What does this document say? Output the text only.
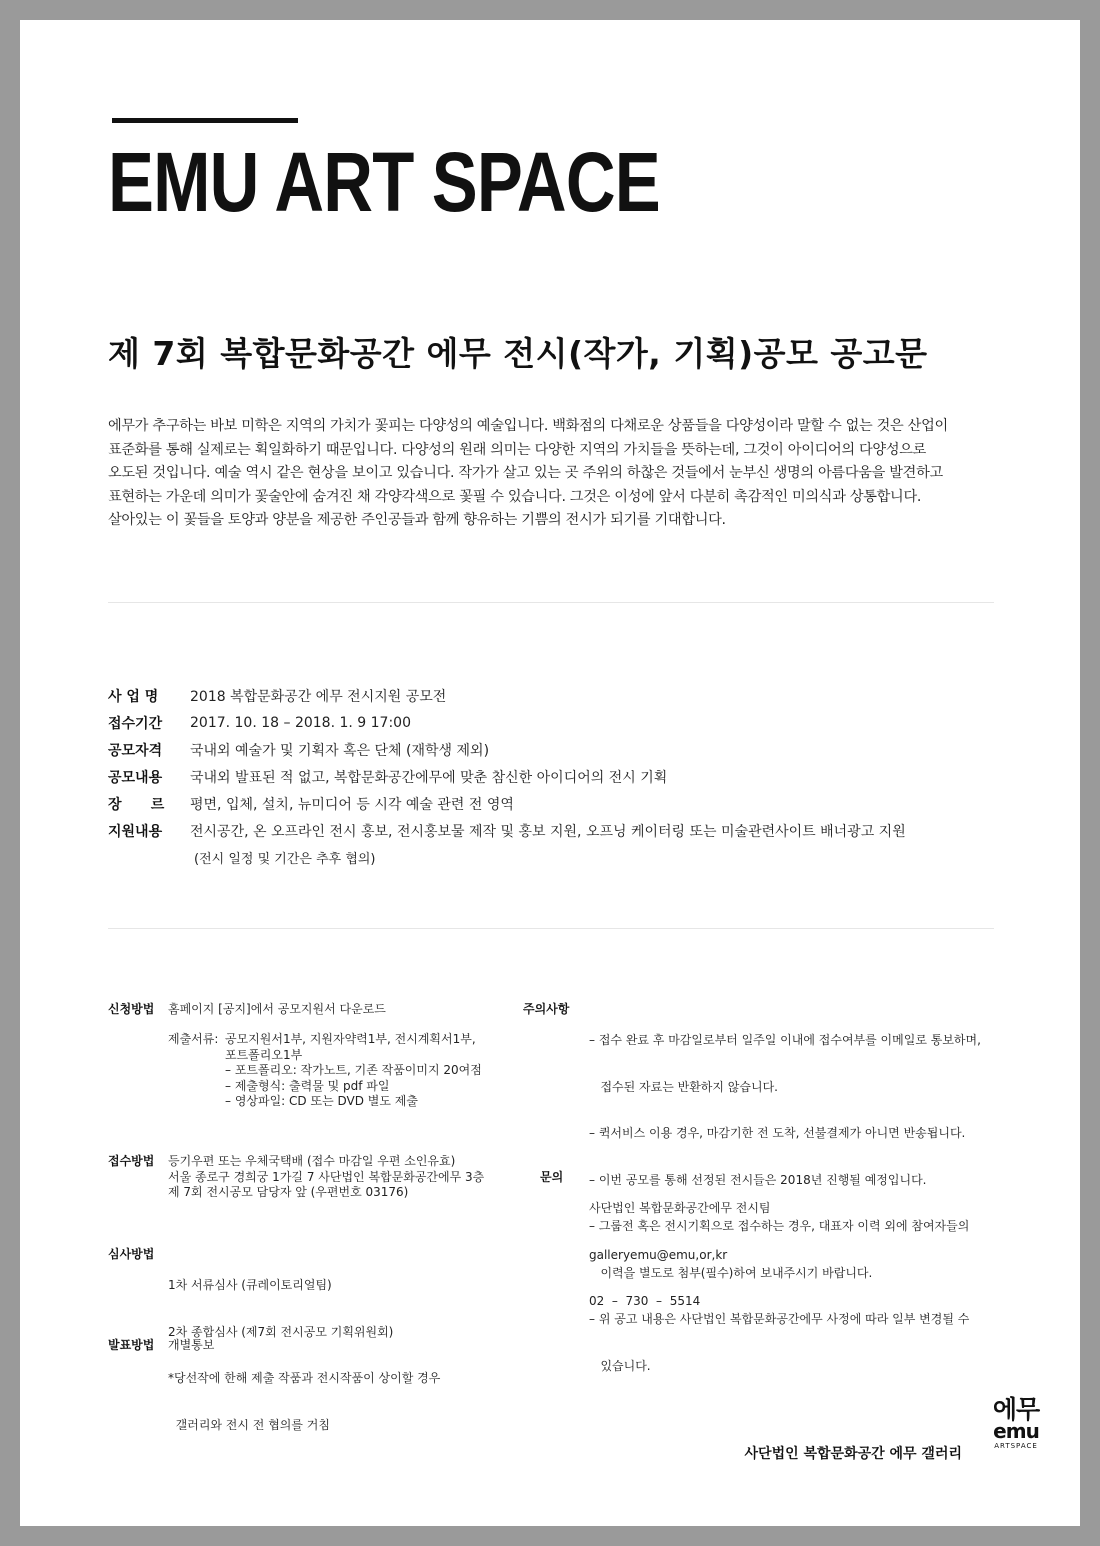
EMU ART SPACE
제 7회 복합문화공간 에무 전시(작가, 기획)공모 공고문

에무가 추구하는 바보 미학은 지역의 가치가 꽃피는 다양성의 예술입니다. 백화점의 다채로운 상품들을 다양성이라 말할 수 없는 것은 산업이

표준화를 통해 실제로는 획일화하기 때문입니다. 다양성의 원래 의미는 다양한 지역의 가치들을 뜻하는데, 그것이 아이디어의 다양성으로

오도된 것입니다. 예술 역시 같은 현상을 보이고 있습니다. 작가가 살고 있는 곳 주위의 하찮은 것들에서 눈부신 생명의 아름다움을 발견하고

표현하는 가운데 의미가 꽃술안에 숨겨진 채 각양각색으로 꽃필 수 있습니다. 그것은 이성에 앞서 다분히 촉감적인 미의식과 상통합니다.

살아있는 이 꽃들을 토양과 양분을 제공한 주인공들과 함께 향유하는 기쁨의 전시가 되기를 기대합니다.

사 업 명	2018 복합문화공간 에무 전시지원 공모전
접수기간	2017. 10. 18 – 2018. 1. 9 17:00
공모자격	국내외 예술가 및 기획자 혹은 단체 (재학생 제외)
공모내용	국내외 발표된 적 없고, 복합문화공간에무에 맞춘 참신한 아이디어의 전시 기획
장      르	평면, 입체, 설치, 뉴미디어 등 시각 예술 관련 전 영역
지원내용	전시공간, 온 오프라인 전시 홍보, 전시홍보물 제작 및 홍보 지원, 오프닝 케이터링 또는 미술관련사이트 배너광고 지원
(전시 일정 및 기간은 추후 협의)
신청방법 홈페이지 [공지]에서 공모지원서 다운로드
제출서류: 공모지원서1부, 지원자약력1부, 전시계획서1부,
포트폴리오1부
– 포트폴리오: 작가노트, 기존 작품이미지 20여점
– 제출형식: 출력물 및 pdf 파일
– 영상파일: CD 또는 DVD 별도 제출
주의사항

– 접수 완료 후 마감일로부터 일주일 이내에 접수여부를 이메일로 통보하며,

접수된 자료는 반환하지 않습니다.

– 퀵서비스 이용 경우, 마감기한 전 도착, 선불결제가 아니면 반송됩니다.

– 이번 공모를 통해 선정된 전시들은 2018년 진행될 예정입니다.

– 그룹전 혹은 전시기획으로 접수하는 경우, 대표자 이력 외에 참여자들의

이력을 별도로 첨부(필수)하여 보내주시기 바랍니다.

– 위 공고 내용은 사단법인 복합문화공간에무 사정에 따라 일부 변경될 수

있습니다.

접수방법 등기우편 또는 우체국택배 (접수 마감일 우편 소인유효)
서울 종로구 경희궁 1가길 7 사단법인 복합문화공간에무 3층
제 7회 전시공모 담당자 앞 (우편번호 03176)
문의

사단법인 복합문화공간에무 전시팀

galleryemu@emu,or,kr

02  –  730  –  5514

심사방법

1차 서류심사 (큐레이토리얼팀)

2차 종합심사 (제7회 전시공모 기획위원회)

*당선작에 한해 제출 작품과 전시작품이 상이할 경우

갤러리와 전시 전 협의를 거침

발표방법 개별통보
사단법인 복합문화공간 에무 갤러리
에무
emu
ARTSPACE
